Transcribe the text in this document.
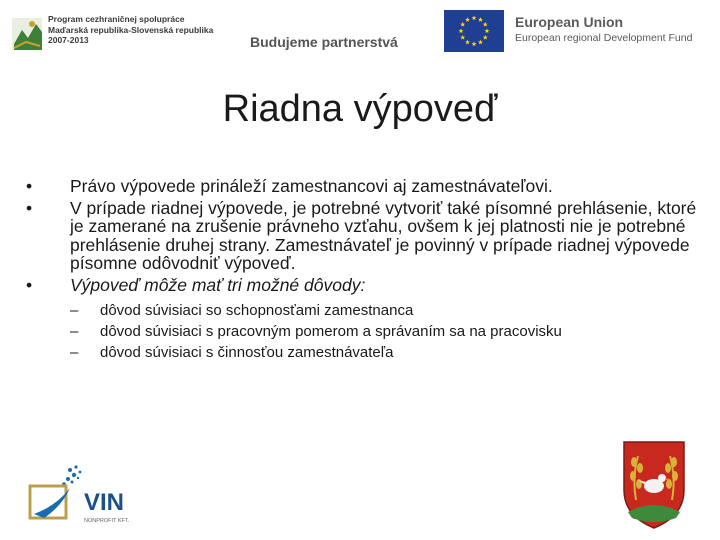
Program cezhraničnej spolupráce
Maďarská republika-Slovenská republika
2007-2013	Budujeme partnerstvá
European Union
European regional Development Fund
Riadna výpoveď
•	Právo výpovede prináleží zamestnancovi aj zamestnávateľovi.
•	V prípade riadnej výpovede, je potrebné vytvoriť také písomné prehlásenie, ktoré je zamerané na zrušenie právneho vzťahu, ovšem k jej platnosti nie je potrebné prehlásenie druhej strany. Zamestnávateľ je povinný v prípade riadnej výpovede písomne odôvodniť výpoveď.
•	Výpoveď môže mať tri možné dôvody:
– dôvod súvisiaci so schopnosťami zamestnanca
– dôvod súvisiaci s pracovným pomerom a správaním sa na pracovisku
– dôvod súvisiaci s činnosťou zamestnávateľa
VIN
NONPROFIT KFT.
